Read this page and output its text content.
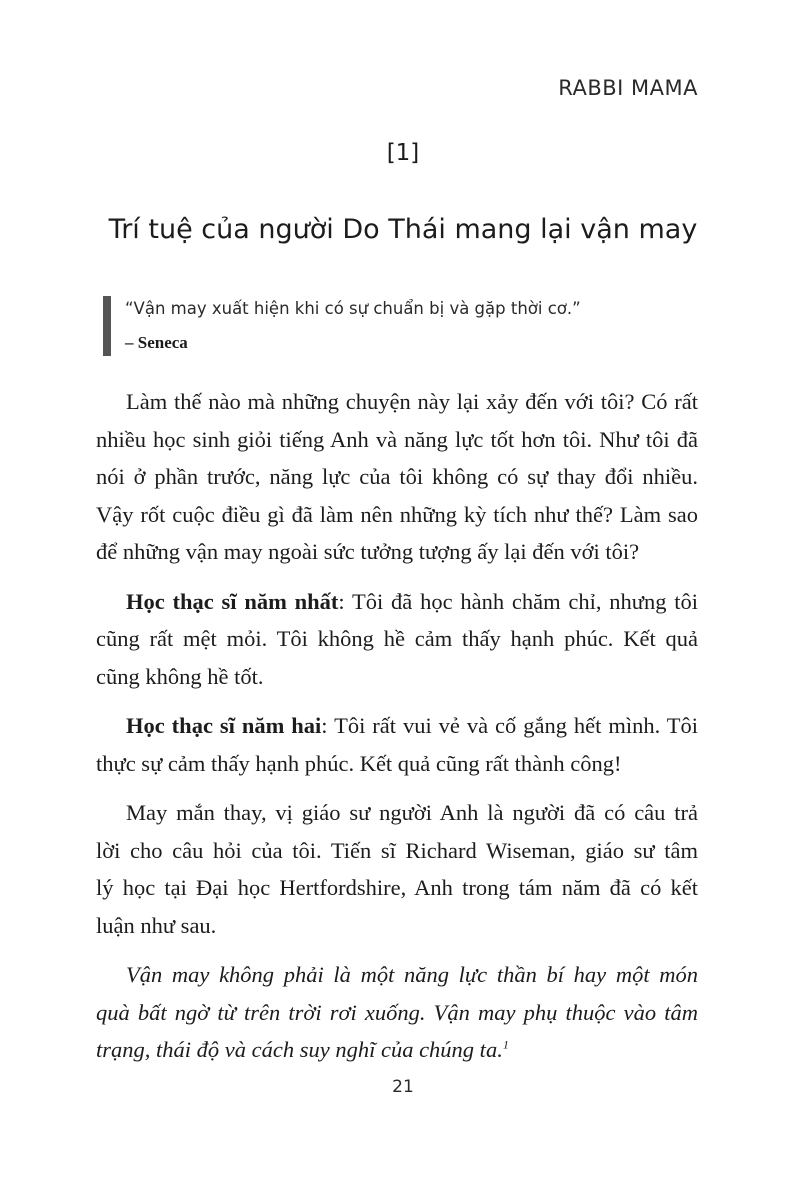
RABBI MAMA
[1]
Trí tuệ của người Do Thái mang lại vận may
“Vận may xuất hiện khi có sự chuẩn bị và gặp thời cơ.”
– Seneca
Làm thế nào mà những chuyện này lại xảy đến với tôi? Có rất
nhiều học sinh giỏi tiếng Anh và năng lực tốt hơn tôi. Như tôi đã
nói ở phần trước, năng lực của tôi không có sự thay đổi nhiều.
Vậy rốt cuộc điều gì đã làm nên những kỳ tích như thế? Làm sao
để những vận may ngoài sức tưởng tượng ấy lại đến với tôi?
Học thạc sĩ năm nhất: Tôi đã học hành chăm chỉ, nhưng tôi
cũng rất mệt mỏi. Tôi không hề cảm thấy hạnh phúc. Kết quả
cũng không hề tốt.
Học thạc sĩ năm hai: Tôi rất vui vẻ và cố gắng hết mình. Tôi
thực sự cảm thấy hạnh phúc. Kết quả cũng rất thành công!
May mắn thay, vị giáo sư người Anh là người đã có câu trả
lời cho câu hỏi của tôi. Tiến sĩ Richard Wiseman, giáo sư tâm
lý học tại Đại học Hertfordshire, Anh trong tám năm đã có kết
luận như sau.
Vận may không phải là một năng lực thần bí hay một món
quà bất ngờ từ trên trời rơi xuống. Vận may phụ thuộc vào tâm
trạng, thái độ và cách suy nghĩ của chúng ta.$^1$
21
